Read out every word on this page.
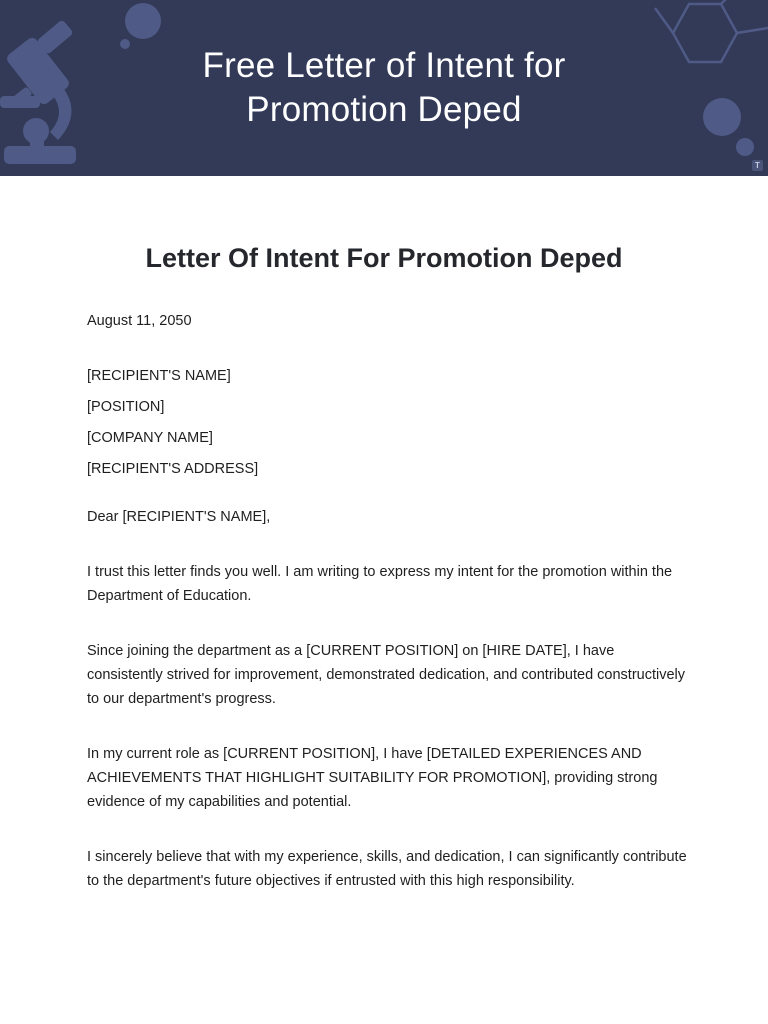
Free Letter of Intent for
Promotion Deped
T
Letter Of Intent For Promotion Deped

August 11, 2050

[RECIPIENT'S NAME]

[POSITION]

[COMPANY NAME]

[RECIPIENT'S ADDRESS]

Dear [RECIPIENT'S NAME],

I trust this letter finds you well. I am writing to express my intent for the promotion within the Department of Education.

Since joining the department as a [CURRENT POSITION] on [HIRE DATE], I have consistently strived for improvement, demonstrated dedication, and contributed constructively to our department's progress.

In my current role as [CURRENT POSITION], I have [DETAILED EXPERIENCES AND ACHIEVEMENTS THAT HIGHLIGHT SUITABILITY FOR PROMOTION], providing strong evidence of my capabilities and potential.

I sincerely believe that with my experience, skills, and dedication, I can significantly contribute to the department's future objectives if entrusted with this high responsibility.
